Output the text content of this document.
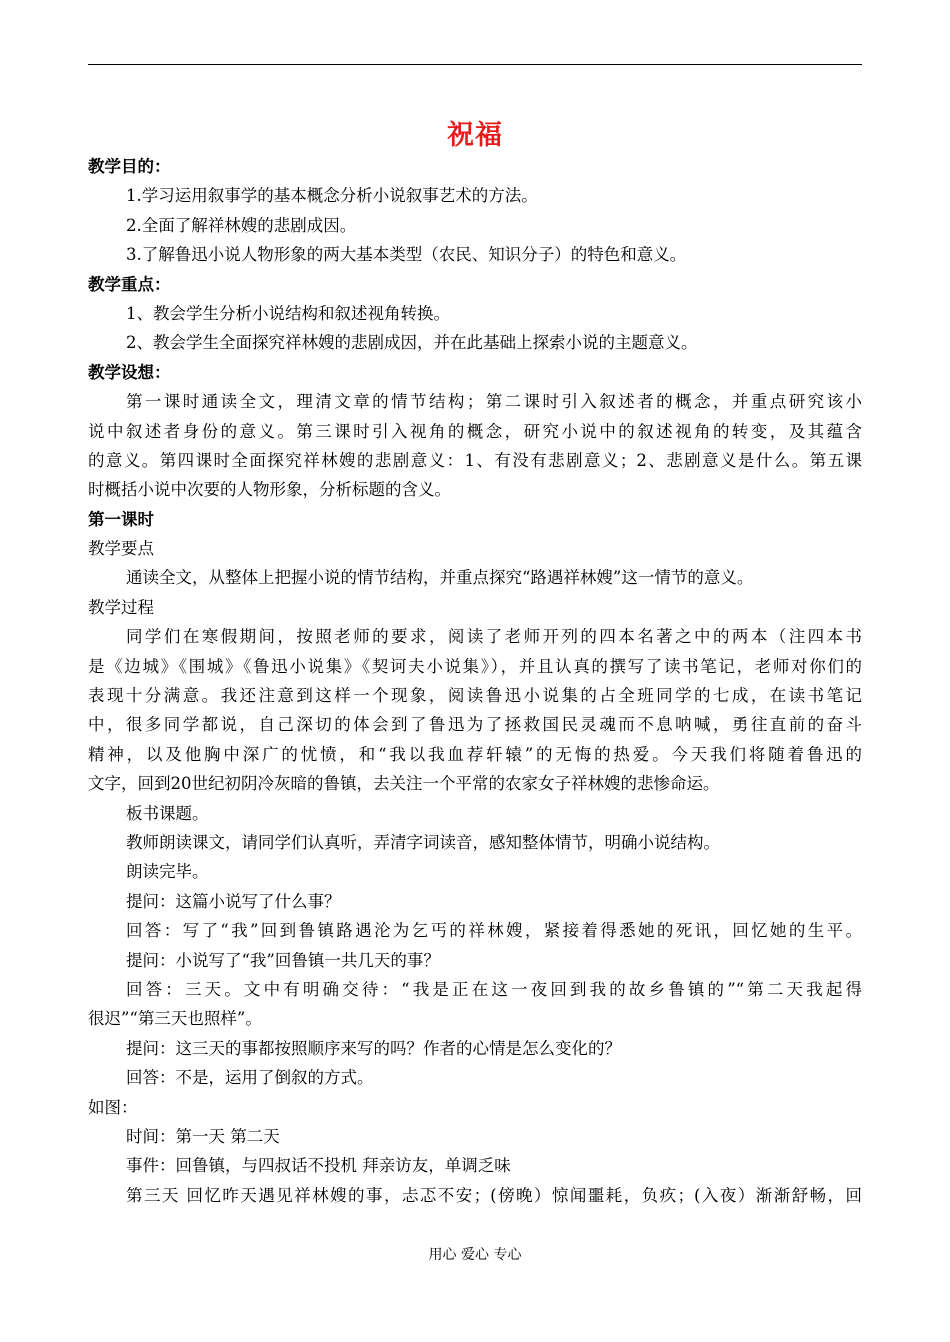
祝福
教学目的：
1.学习运用叙事学的基本概念分析小说叙事艺术的方法。
2.全面了解祥林嫂的悲剧成因。
3.了解鲁迅小说人物形象的两大基本类型（农民、知识分子）的特色和意义。
教学重点：
1、教会学生分析小说结构和叙述视角转换。
2、教会学生全面探究祥林嫂的悲剧成因，并在此基础上探索小说的主题意义。
教学设想：
第一课时通读全文，理清文章的情节结构；第二课时引入叙述者的概念，并重点研究该小
说中叙述者身份的意义。第三课时引入视角的概念，研究小说中的叙述视角的转变，及其蕴含
的意义。第四课时全面探究祥林嫂的悲剧意义：1、有没有悲剧意义；2、悲剧意义是什么。第五课
时概括小说中次要的人物形象，分析标题的含义。
第一课时
教学要点
通读全文，从整体上把握小说的情节结构，并重点探究“路遇祥林嫂”这一情节的意义。
教学过程
同学们在寒假期间，按照老师的要求，阅读了老师开列的四本名著之中的两本（注四本书
是《边城》《围城》《鲁迅小说集》《契诃夫小说集》），并且认真的撰写了读书笔记，老师对你们的
表现十分满意。我还注意到这样一个现象，阅读鲁迅小说集的占全班同学的七成，在读书笔记
中，很多同学都说，自己深切的体会到了鲁迅为了拯救国民灵魂而不息呐喊，勇往直前的奋斗
精神，以及他胸中深广的忧愤，和“我以我血荐轩辕”的无悔的热爱。今天我们将随着鲁迅的
文字，回到20世纪初阴冷灰暗的鲁镇，去关注一个平常的农家女子祥林嫂的悲惨命运。
板书课题。
教师朗读课文，请同学们认真听，弄清字词读音，感知整体情节，明确小说结构。
朗读完毕。
提问：这篇小说写了什么事？
回答：写了“我”回到鲁镇路遇沦为乞丐的祥林嫂，紧接着得悉她的死讯，回忆她的生平。
提问：小说写了“我”回鲁镇一共几天的事？
回答：三天。文中有明确交待：“我是正在这一夜回到我的故乡鲁镇的”“第二天我起得
很迟”“第三天也照样”。
提问：这三天的事都按照顺序来写的吗？作者的心情是怎么变化的？
回答：不是，运用了倒叙的方式。
如图：
时间：第一天 第二天
事件：回鲁镇，与四叔话不投机 拜亲访友，单调乏味
第三天 回忆昨天遇见祥林嫂的事，忐忑不安；(傍晚）惊闻噩耗，负疚；(入夜）渐渐舒畅，回
用心 爱心 专心
